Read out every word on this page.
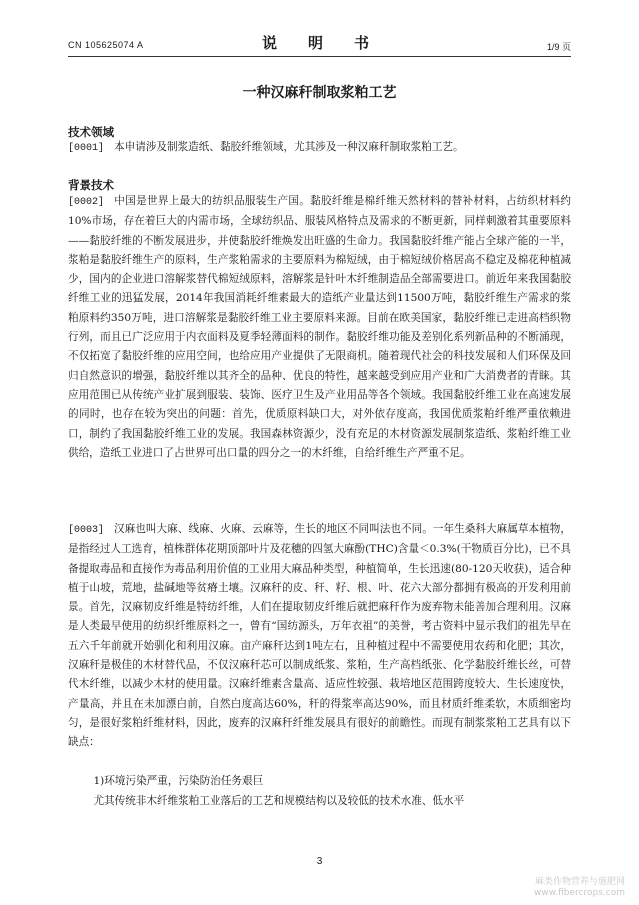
CN 105625074 A	说　明　书	1/9 页
一种汉麻秆制取浆粕工艺
技术领域
[0001] 本申请涉及制浆造纸、黏胶纤维领域，尤其涉及一种汉麻秆制取浆粕工艺。
背景技术
[0002] 中国是世界上最大的纺织品服装生产国。黏胶纤维是棉纤维天然材料的替补材料，占纺织材料约10%市场，存在着巨大的内需市场，全球纺织品、服装风格特点及需求的不断更新，同样刺激着其重要原料——黏胶纤维的不断发展进步，并使黏胶纤维焕发出旺盛的生命力。我国黏胶纤维产能占全球产能的一半，浆粕是黏胶纤维生产的原料，生产浆粕需求的主要原料为棉短绒，由于棉短绒价格居高不稳定及棉花种植减少，国内的企业进口溶解浆替代棉短绒原料，溶解浆是针叶木纤维制造品全部需要进口。前近年来我国黏胶纤维工业的迅猛发展，2014年我国消耗纤维素最大的造纸产业量达到11500万吨，黏胶纤维生产需求的浆粕原料约350万吨，进口溶解浆是黏胶纤维工业主要原料来源。目前在欧美国家，黏胶纤维已走进高档织物行列，而且已广泛应用于内衣面料及夏季轻薄面料的制作。黏胶纤维功能及差别化系列新品种的不断涌现，不仅拓宽了黏胶纤维的应用空间，也给应用产业提供了无限商机。随着现代社会的科技发展和人们环保及回归自然意识的增强，黏胶纤维以其齐全的品种、优良的特性，越来越受到应用产业和广大消费者的青睐。其应用范围已从传统产业扩展到服装、装饰、医疗卫生及产业用品等各个领域。我国黏胶纤维工业在高速发展的同时，也存在较为突出的问题：首先，优质原料缺口大，对外依存度高，我国优质浆粕纤维严重依赖进口，制约了我国黏胶纤维工业的发展。我国森林资源少，没有充足的木材资源发展制浆造纸、浆粕纤维工业供给，造纸工业进口了占世界可出口量的四分之一的木纤维，自给纤维生产严重不足。
[0003] 汉麻也叫大麻、线麻、火麻、云麻等，生长的地区不同叫法也不同。一年生桑科大麻属草本植物，是指经过人工选育，植株群体花期顶部叶片及花穗的四氢大麻酚(THC)含量＜0.3%(干物质百分比)，已不具备提取毒品和直接作为毒品利用价值的工业用大麻品种类型，种植简单，生长迅速(80-120天收获)，适合种植于山坡，荒地，盐碱地等贫瘠土壤。汉麻秆的皮、秆、籽、根、叶、花六大部分都拥有极高的开发利用前景。首先，汉麻韧皮纤维是特纺纤维，人们在提取韧皮纤维后就把麻秆作为废弃物未能善加合理利用。汉麻是人类最早使用的纺织纤维原料之一，曾有“国纺源头，万年衣祖”的美誉，考古资料中显示我们的祖先早在五六千年前就开始驯化和利用汉麻。亩产麻秆达到1吨左右，且种植过程中不需要使用农药和化肥；其次，汉麻秆是极佳的木材替代品，不仅汉麻秆芯可以制成纸浆、浆粕，生产高档纸张、化学黏胶纤维长丝，可替代木纤维，以减少木材的使用量。汉麻纤维素含量高、适应性较强、栽培地区范围跨度较大、生长速度快，产量高，并且在未加漂白前，自然白度高达60%，秆的得浆率高达90%，而且材质纤维柔软，木质细密均匀，是很好浆粕纤维材料，因此，废弃的汉麻秆纤维发展具有很好的前瞻性。而现有制浆浆粕工艺具有以下缺点：
1)环境污染严重，污染防治任务艰巨
尤其传统非木纤维浆粕工业落后的工艺和规模结构以及较低的技术水准、低水平
3
麻类作物营养与施肥网
www.fibercrops.com
